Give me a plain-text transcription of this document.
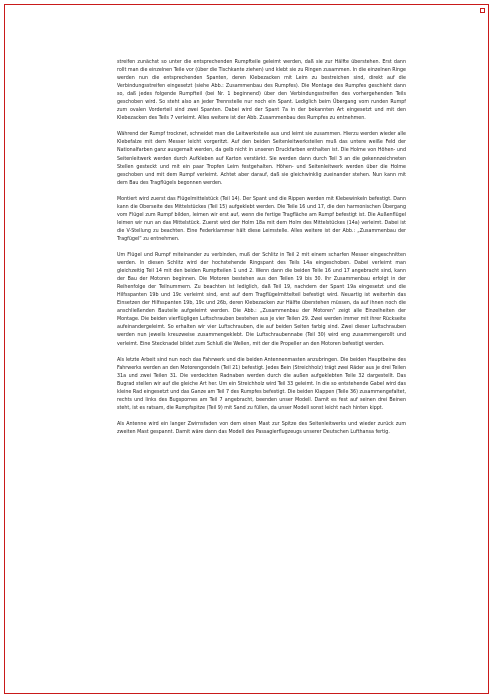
streifen zunächst so unter die entsprechenden Rumpfteile geleimt werden, daß sie zur Hälfte überstehen. Erst dann rollt man die einzelnen Teile vor (über die Tischkante ziehen) und klebt sie zu Ringen zusammen. In die einzelnen Ringe werden nun die entsprechenden Spanten, deren Klebezacken mit Leim zu bestreichen sind, direkt auf die Verbindungsstreifen eingesetzt (siehe Abb.: Zusammenbau des Rumpfes). Die Montage des Rumpfes geschieht dann so, daß jedes folgende Rumpfteil (bei Nr. 1 beginnend) über den Verbindungsstreifen des vorhergehenden Teils geschoben wird. So steht also an jeder Trennstelle nur noch ein Spant. Lediglich beim Übergang vom runden Rumpf zum ovalen Vorderteil sind zwei Spanten. Dabei wird der Spant 7a in der bekannten Art eingesetzt und mit den Klebezacken des Teils 7 verleimt. Alles weitere ist der Abb. Zusammenbau des Rumpfes zu entnehmen.

Während der Rumpf trocknet, schneidet man die Leitwerksteile aus und leimt sie zusammen. Hierzu werden wieder alle Klebefalze mit dem Messer leicht vorgeritzt. Auf den beiden Seitenleitwerksteilen muß das untere weiße Feld der Nationalfarben ganz ausgemalt werden, da gelb nicht in unseren Druckfarben enthalten ist. Die Holme von Höhen- und Seitenleitwerk werden durch Aufkleben auf Karton verstärkt. Sie werden dann durch Teil 3 an die gekennzeichneten Stellen gesteckt und mit ein paar Tropfen Leim festgehalten. Höhen- und Seitenleitwerk werden über die Holme geschoben und mit dem Rumpf verleimt. Achtet aber darauf, daß sie gleichwinklig zueinander stehen. Nun kann mit dem Bau des Tragflügels begonnen werden.

Montiert wird zuerst das Flügelmittelstück (Teil 14). Der Spant und die Rippen werden mit Klebewinkeln befestigt. Dann kann die Oberseite des Mittelstückes (Teil 15) aufgeklebt werden. Die Teile 16 und 17, die den harmonischen Übergang vom Flügel zum Rumpf bilden, leimen wir erst auf, wenn die fertige Tragfläche am Rumpf befestigt ist. Die Außenflügel leimen wir nun an das Mittelstück. Zuerst wird der Holm 18a mit dem Holm des Mittelstückes (14a) verleimt. Dabei ist die V-Stellung zu beachten. Eine Federklammer hält diese Leimstelle. Alles weitere ist der Abb.: „Zusammenbau der Tragfügel“ zu entnehmen.

Um Flügel und Rumpf miteinander zu verbinden, muß der Schlitz in Teil 2 mit einem scharfen Messer eingeschnitten werden. In diesen Schlitz wird der hochstehende Ringspant des Teils 14a eingeschoben. Dabei verleimt man gleichzeitig Teil 14 mit den beiden Rumpfteilen 1 und 2. Wenn dann die beiden Teile 16 und 17 angebracht sind, kann der Bau der Motoren beginnen. Die Motoren bestehen aus den Teilen 19 bis 30. Ihr Zusammenbau erfolgt in der Reihenfolge der Teilnummern. Zu beachten ist lediglich, daß Teil 19, nachdem der Spant 19a eingesetzt und die Hilfsspanten 19b und 19c verleimt sind, erst auf dem Tragflügelmittelteil befestigt wird. Neuartig ist weiterhin das Einsetzen der Hilfsspanten 19b, 19c und 26b, deren Klebezacken zur Hälfte überstehen müssen, da auf ihnen noch die anschließenden Bauteile aufgeleimt werden. Die Abb.: „Zusammenbau der Motoren“ zeigt alle Einzelheiten der Montage. Die beiden vierflügligen Luftschrauben bestehen aus je vier Teilen 29. Zwei werden immer mit ihrer Rückseite aufeinandergeleimt. So erhalten wir vier Luftschrauben, die auf beiden Seiten farbig sind. Zwei dieser Luftschrauben werden nun jeweils kreuzweise zusammengeklebt. Die Luftschraubennabe (Teil 30) wird eng zusammengerollt und verleimt. Eine Stecknadel bildet zum Schluß die Wellen, mit der die Propeller an den Motoren befestigt werden.

Als letzte Arbeit sind nun noch das Fahrwerk und die beiden Antennenmasten anzubringen. Die beiden Hauptbeine des Fahrwerks werden an den Motorengondeln (Teil 21) befestigt. Jedes Bein (Streichholz) trägt zwei Räder aus je drei Teilen 31a und zwei Teilen 31. Die verdeckten Radnaben werden durch die außen aufgeklebten Teile 32 dargestellt. Das Bugrad stellen wir auf die gleiche Art her. Um ein Streichholz wird Teil 33 geleimt. In die so entstehende Gabel wird das kleine Rad eingesetzt und das Ganze am Teil 7 des Rumpfes befestigt. Die beiden Klappen (Teile 36) zusammengefaltet, rechts und links des Bugspornes am Teil 7 angebracht, beenden unser Modell. Damit es fest auf seinen drei Beinen steht, ist es ratsam, die Rumpfspitze (Teil 9) mit Sand zu füllen, da unser Modell sonst leicht nach hinten kippt.

Als Antenne wird ein langer Zwirnsfaden von dem einen Mast zur Spitze des Seitenleitwerks und wieder zurück zum zweiten Mast gespannt. Damit wäre dann das Modell des Passagierflugzeugs unserer Deutschen Lufthansa fertig.
